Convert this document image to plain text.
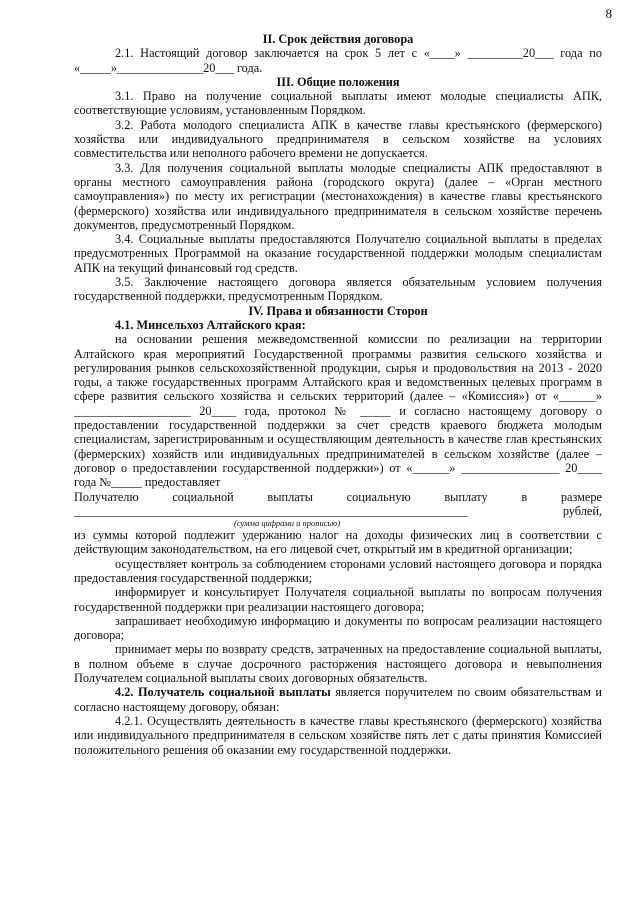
8

II. Срок действия договора

2.1. Настоящий договор заключается на срок 5 лет с «____» _________20___ года по

«_____»______________20___ года.

III. Общие положения

3.1. Право на получение социальной выплаты имеют молодые специалисты АПК, соответствующие условиям, установленным Порядком.

3.2. Работа молодого специалиста АПК в качестве главы крестьянского (фермерского) хозяйства или индивидуального предпринимателя в сельском хозяйстве на условиях совместительства или неполного рабочего времени не допускается.

3.3. Для получения социальной выплаты молодые специалисты АПК предоставляют в органы местного самоуправления района (городского округа) (далее – «Орган местного самоуправления») по месту их регистрации (местонахождения) в качестве главы крестьянского (фермерского) хозяйства или индивидуального предпринимателя в сельском хозяйстве перечень документов, предусмотренный Порядком.

3.4. Социальные выплаты предоставляются Получателю социальной выплаты в пределах предусмотренных Программой на оказание государственной поддержки молодым специалистам АПК на текущий финансовый год средств.

3.5. Заключение настоящего договора является обязательным условием получения государственной поддержки, предусмотренным Порядком.

IV. Права и обязанности Сторон

4.1. Минсельхоз Алтайского края:

на основании решения межведомственной комиссии по реализации на территории Алтайского края мероприятий Государственной программы развития сельского хозяйства и регулирования рынков сельскохозяйственной продукции, сырья и продовольствия на 2013 - 2020 годы, а также государственных программ Алтайского края и ведомственных целевых программ в сфере развития сельского хозяйства и сельских территорий (далее – «Комиссия») от «______» ___________________ 20____ года, протокол № _____ и согласно настоящему договору о предоставлении государственной поддержки за счет средств краевого бюджета молодым специалистам, зарегистрированным и осуществляющим деятельность в качестве глав крестьянских (фермерских) хозяйств или индивидуальных предпринимателей в сельском хозяйстве (далее – договор о предоставлении государственной поддержки») от «______» ________________ 20____ года №_____ предоставляет

Получателю социальной выплаты социальную выплату в размере

________________________________________________________________ рублей,

(сумма цифрами и прописью)

из суммы которой подлежит удержанию налог на доходы физических лиц в соответствии с действующим законодательством, на его лицевой счет, открытый им в кредитной организации;

осуществляет контроль за соблюдением сторонами условий настоящего договора и порядка предоставления государственной поддержки;

информирует и консультирует Получателя социальной выплаты по вопросам получения государственной поддержки при реализации настоящего договора;

запрашивает необходимую информацию и документы по вопросам реализации настоящего договора;

принимает меры по возврату средств, затраченных на предоставление социальной выплаты, в полном объеме в случае досрочного расторжения настоящего договора и невыполнения Получателем социальной выплаты своих договорных обязательств.

4.2. Получатель социальной выплаты является поручителем по своим обязательствам и согласно настоящему договору, обязан:

4.2.1. Осуществлять деятельность в качестве главы крестьянского (фермерского) хозяйства или индивидуального предпринимателя в сельском хозяйстве пять лет с даты принятия Комиссией положительного решения об оказании ему государственной поддержки.
